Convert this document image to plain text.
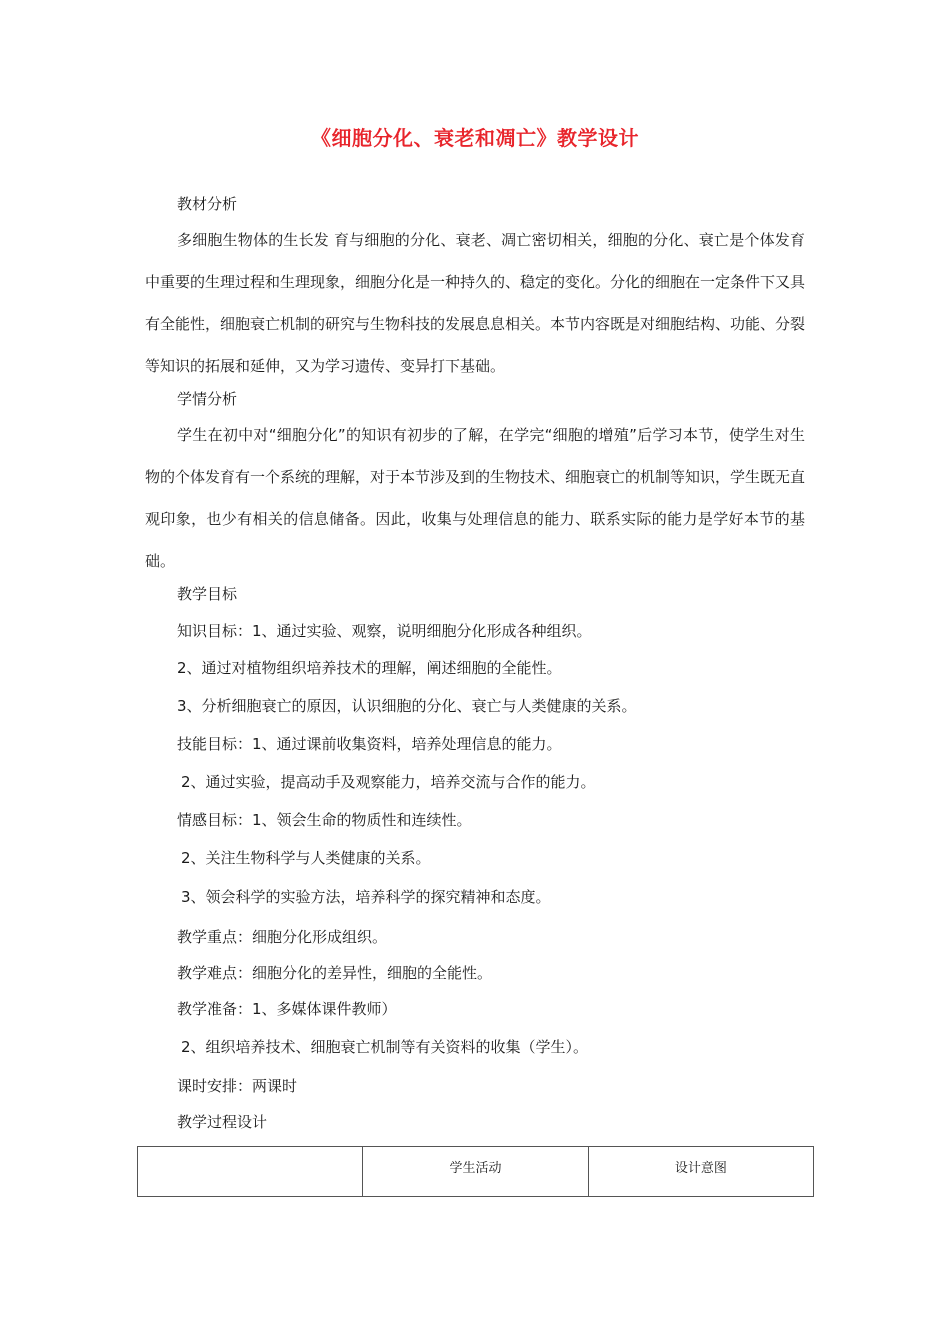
《细胞分化、衰老和凋亡》教学设计
教材分析
多细胞生物体的生长发 育与细胞的分化、衰老、凋亡密切相关，细胞的分化、衰亡是个体发育中重要的生理过程和生理现象，细胞分化是一种持久的、稳定的变化。分化的细胞在一定条件下又具有全能性，细胞衰亡机制的研究与生物科技的发展息息相关。本节内容既是对细胞结构、功能、分裂等知识的拓展和延伸，又为学习遗传、变异打下基础。
学情分析
学生在初中对“细胞分化”的知识有初步的了解，在学完“细胞的增殖”后学习本节，使学生对生物的个体发育有一个系统的理解，对于本节涉及到的生物技术、细胞衰亡的机制等知识，学生既无直观印象，也少有相关的信息储备。因此，收集与处理信息的能力、联系实际的能力是学好本节的基础。
教学目标
知识目标：1、通过实验、观察，说明细胞分化形成各种组织。
2、通过对植物组织培养技术的理解，阐述细胞的全能性。
3、分析细胞衰亡的原因，认识细胞的分化、衰亡与人类健康的关系。
技能目标：1、通过课前收集资料，培养处理信息的能力。
2、通过实验，提高动手及观察能力，培养交流与合作的能力。
情感目标：1、领会生命的物质性和连续性。
2、关注生物科学与人类健康的关系。
3、领会科学的实验方法，培养科学的探究精神和态度。
教学重点：细胞分化形成组织。
教学难点：细胞分化的差异性，细胞的全能性。
教学准备：1、多媒体课件教师）
2、组织培养技术、细胞衰亡机制等有关资料的收集（学生）。
课时安排：两课时
教学过程设计
	学生活动	设计意图
